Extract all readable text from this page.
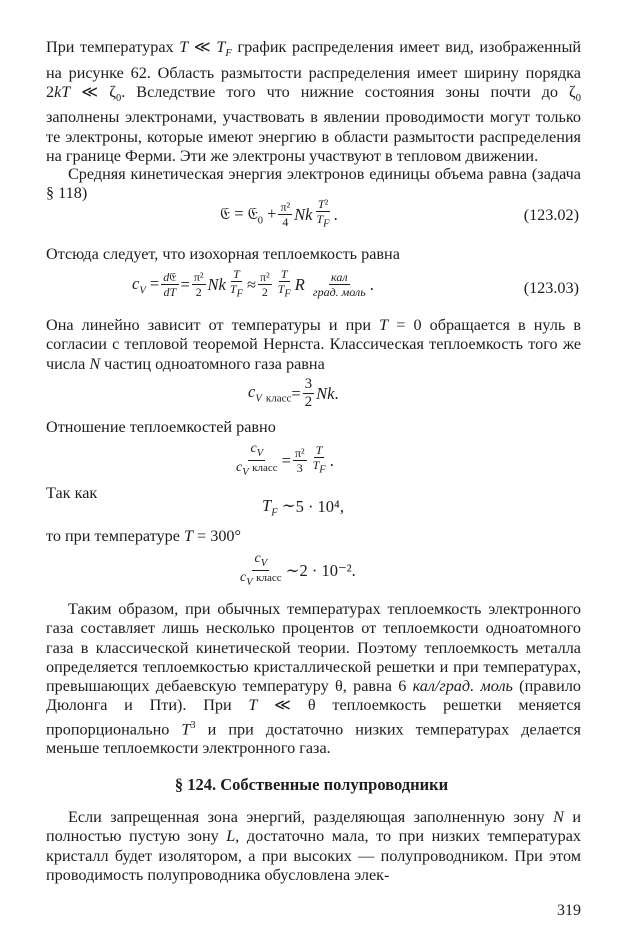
При температурах T ≪ $T_F$ график распределения имеет вид, изображенный на рисунке 62. Область размытости распределения имеет ширину порядка 2kT ≪ $\zeta_0$. Вследствие того что нижние состояния зоны почти до $\zeta_0$ заполнены электронами, участвовать в явлении проводимости могут только те электроны, которые имеют энергию в области размытости распределения на границе Ферми. Эти же электроны участвуют в тепловом движении.

Средняя кинетическая энергия электронов единицы объема равна (задача § 118)

𝔈 = 𝔈$_0$ + $\frac{\text{π²}}{4}$ Nk $\frac{\text{T²}}{T_F}$ .	(123.02)

Отсюда следует, что изохорная теплоемкость равна

$c_V = \frac{\text{d𝔈}}{dT} = \frac{\text{π²}}{2}$ Nk $\frac{T}{T_F} \approx \frac{\text{π²}}{2} \frac{T}{T_F}$ R $\frac{\text{кал}}{\text{град. моль}}$ .	(123.03)

Она линейно зависит от температуры и при T = 0 обращается в нуль в согласии с тепловой теоремой Нернста. Классическая теплоемкость того же числа N частиц одноатомного газа равна

$c_V$ $_{класс} = \frac{3}{2} Nk$.

Отношение теплоемкостей равно

$\frac{c_V}{c_V класс} = \frac{\text{π²}}{3} \frac{T}{T_F}$ .

Так как

$T_F$ ∼ 5 · 10⁴ ,

то при температуре T = 300°

$\frac{c_V}{c_V класс}$ ∼ 2 · 10⁻² .

Таким образом, при обычных температурах теплоемкость электронного газа составляет лишь несколько процентов от теплоемкости одноатомного газа в классической кинетической теории. Поэтому теплоемкость металла определяется теплоемкостью кристаллической решетки и при температурах, превышающих дебаевскую температуру θ, равна 6 кал/град. моль (правило Дюлонга и Пти). При T ≪ θ теплоемкость решетки меняется пропорционально $T^3$ и при достаточно низких температурах делается меньше теплоемкости электронного газа.

§ 124. Собственные полупроводники

Если запрещенная зона энергий, разделяющая заполненную зону N и полностью пустую зону L, достаточно мала, то при низких температурах кристалл будет изолятором, а при высоких — полупроводником. При этом проводимость полупроводника обусловлена элек-

319
